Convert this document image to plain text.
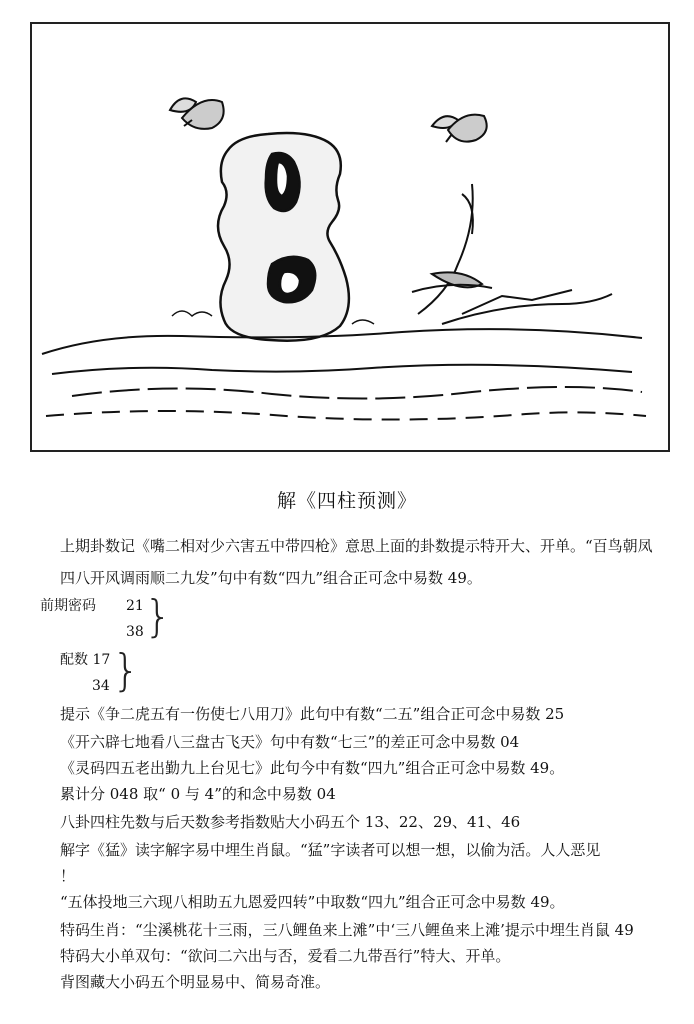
解《四柱预测》
上期卦数记《嘴二相对少六害五中带四枪》意思上面的卦数提示特开大、开单。“百鸟朝凤
四八开风调雨顺二九发”句中有数“四九”组合正可念中易数 49。
前期密码 21
38 }
配数 17
34 }
提示《争二虎五有一伤使七八用刀》此句中有数“二五”组合正可念中易数 25
《开六辟七地看八三盘古飞天》句中有数“七三”的差正可念中易数 04
《灵码四五老出勤九上台见七》此句今中有数“四九”组合正可念中易数 49。
累计分 048 取“ 0 与 4”的和念中易数 04
八卦四柱先数与后天数参考指数贴大小码五个 13、22、29、41、46
解字《猛》读字解字易中埋生肖鼠。“猛”字读者可以想一想，以偷为活。人人恶见
！
“五体投地三六现八相助五九恩爱四转”中取数“四九”组合正可念中易数 49。
特码生肖：“尘溪桃花十三雨，三八鲤鱼来上滩”中‘三八鲤鱼来上滩’提示中埋生肖鼠 49
特码大小单双句：“欲问二六出与否，爱看二九带吾行”特大、开单。
背图藏大小码五个明显易中、简易奇准。
